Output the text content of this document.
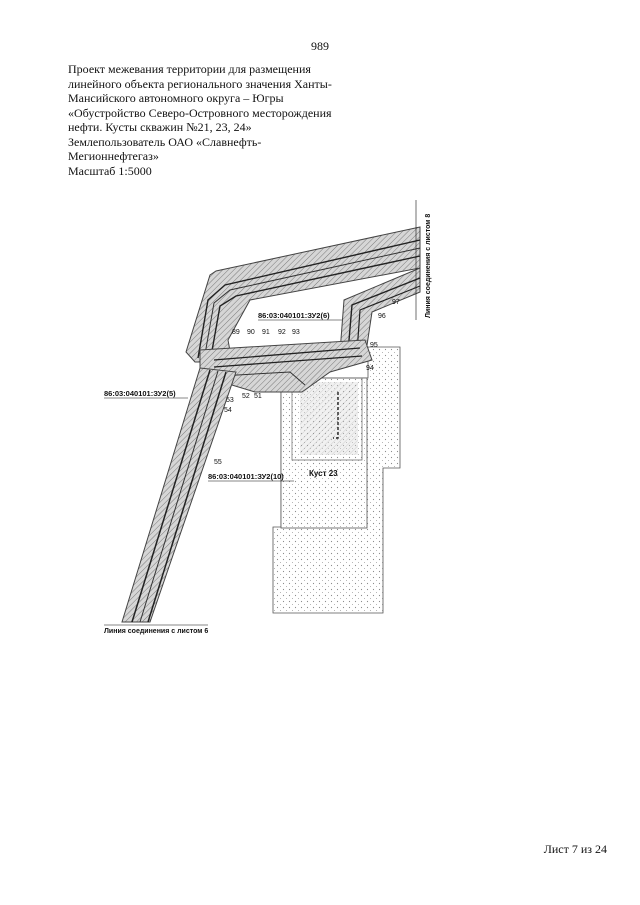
989
Проект межевания территории для размещения
линейного объекта регионального значения Ханты-
Мансийского автономного округа – Югры
«Обустройство Северо-Островного месторождения
нефти. Кусты скважин №21, 23, 24»
Землепользователь ОАО «Славнефть-
Мегионнефтегаз»
Масштаб 1:5000
97
96
95
94
93
92
91
90
89
55
54
53
52 51
86:03:040101:ЗУ2(6)
86:03:040101:ЗУ2(5)
86:03:040101:ЗУ2(10)	Куст 23
Линия соединения с листом 8
Линия соединения с листом 6
Лист 7 из 24
